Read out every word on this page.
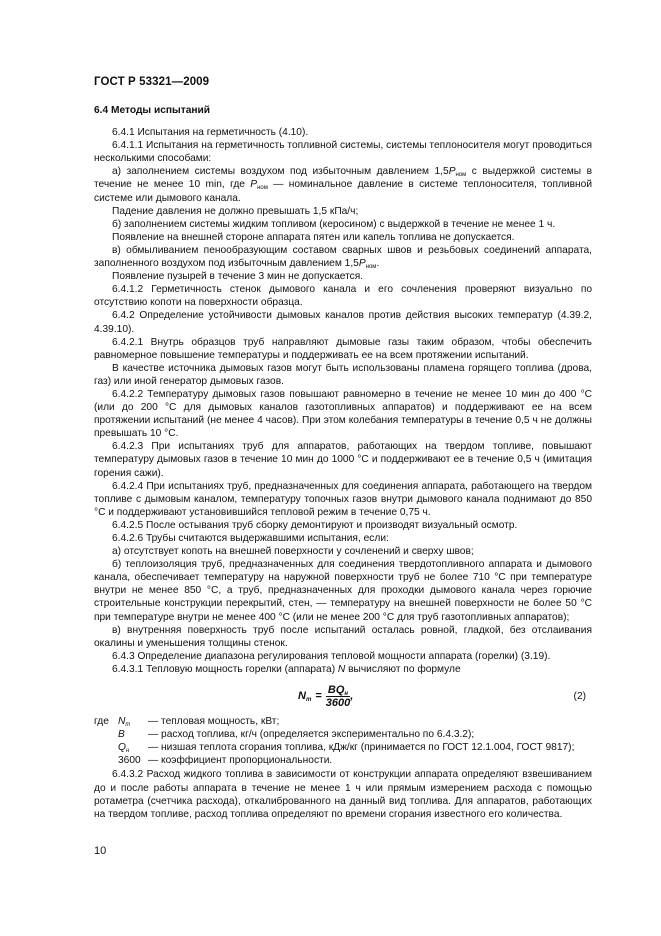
ГОСТ Р 53321—2009

6.4 Методы испытаний

6.4.1 Испытания на герметичность (4.10).

6.4.1.1 Испытания на герметичность топливной системы, системы теплоносителя могут проводиться несколькими способами:

а) заполнением системы воздухом под избыточным давлением $1,5P_{ном}$ с выдержкой системы в течение не менее 10 min, где $P_{ном}$ — номинальное давление в системе теплоносителя, топливной системе или дымового канала.

Падение давления не должно превышать 1,5 кПа/ч;

б) заполнением системы жидким топливом (керосином) с выдержкой в течение не менее 1 ч.

Появление на внешней стороне аппарата пятен или капель топлива не допускается.

в) обмыливанием пенообразующим составом сварных швов и резьбовых соединений аппарата, заполненного воздухом под избыточным давлением $1,5P_{ном}$.

Появление пузырей в течение 3 мин не допускается.

6.4.1.2 Герметичность стенок дымового канала и его сочленения проверяют визуально по отсутствию копоти на поверхности образца.

6.4.2 Определение устойчивости дымовых каналов против действия высоких температур (4.39.2, 4.39.10).

6.4.2.1 Внутрь образцов труб направляют дымовые газы таким образом, чтобы обеспечить равномерное повышение температуры и поддерживать ее на всем протяжении испытаний.

В качестве источника дымовых газов могут быть использованы пламена горящего топлива (дрова, газ) или иной генератор дымовых газов.

6.4.2.2 Температуру дымовых газов повышают равномерно в течение не менее 10 мин до 400 °С (или до 200 °С для дымовых каналов газотопливных аппаратов) и поддерживают ее на всем протяжении испытаний (не менее 4 часов). При этом колебания температуры в течение 0,5 ч не должны превышать 10 °С.

6.4.2.3 При испытаниях труб для аппаратов, работающих на твердом топливе, повышают температуру дымовых газов в течение 10 мин до 1000 °С и поддерживают ее в течение 0,5 ч (имитация горения сажи).

6.4.2.4 При испытаниях труб, предназначенных для соединения аппарата, работающего на твердом топливе с дымовым каналом, температуру топочных газов внутри дымового канала поднимают до 850 °С и поддерживают установившийся тепловой режим в течение 0,75 ч.

6.4.2.5 После остывания труб сборку демонтируют и производят визуальный осмотр.

6.4.2.6 Трубы считаются выдержавшими испытания, если:

а) отсутствует копоть на внешней поверхности у сочленений и сверху швов;

б) теплоизоляция труб, предназначенных для соединения твердотопливного аппарата и дымового канала, обеспечивает температуру на наружной поверхности труб не более 710 °С при температуре внутри не менее 850 °С, а труб, предназначенных для проходки дымового канала через горючие строительные конструкции перекрытий, стен, — температуру на внешней поверхности не более 50 °С при температуре внутри не менее 400 °С (или не менее 200 °С для труб газотопливных аппаратов);

в) внутренняя поверхность труб после испытаний осталась ровной, гладкой, без отслаивания окалины и уменьшения толщины стенок.

6.4.3 Определение диапазона регулирования тепловой мощности аппарата (горелки) (3.19).

6.4.3.1 Тепловую мощность горелки (аппарата) N вычисляют по формуле

$N_т = \frac{BQ_н}{3600}$ ,	(2)
где $N_т$	— тепловая мощность, кВт;
B	— расход топлива, кг/ч (определяется экспериментально по 6.4.3.2);
$Q_н$	— низшая теплота сгорания топлива, кДж/кг (принимается по ГОСТ 12.1.004, ГОСТ 9817);
3600 — коэффициент пропорциональности.

6.4.3.2 Расход жидкого топлива в зависимости от конструкции аппарата определяют взвешиванием до и после работы аппарата в течение не менее 1 ч или прямым измерением расхода с помощью ротаметра (счетчика расхода), откалиброванного на данный вид топлива. Для аппаратов, работающих на твердом топливе, расход топлива определяют по времени сгорания известного его количества.

10
